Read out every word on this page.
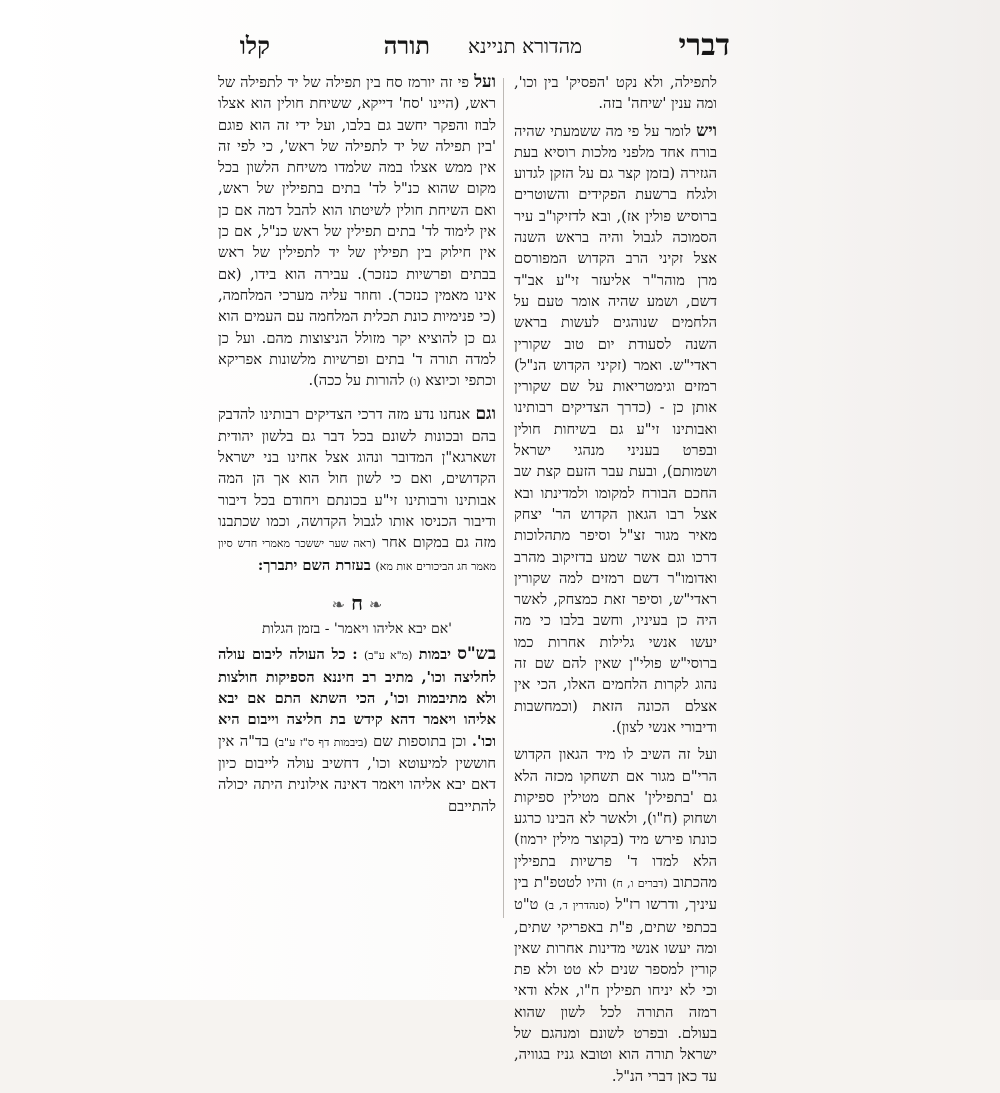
דברי
מהדורא תניינא
תורה
קלו

לתפילה, ולא נקט 'הפסיק' בין וכו', ומה ענין 'שיחה' בזה.

ויש לומר על פי מה ששמעתי שהיה בורח אחד מלפני מלכות רוסיא בעת הגזירה (בזמן קצר גם על הזקן לגדוע ולגלח ברשעת הפקידים והשוטרים ברוסיש פולין אז), ובא לדזיקו"ב עיר הסמוכה לגבול והיה בראש השנה אצל זקיני הרב הקדוש המפורסם מרן מוהר"ר אליעזר זי"ע אב"ד דשם, ושמע שהיה אומר טעם על הלחמים שנוהגים לעשות בראש השנה לסעודת יום טוב שקורין ראדי"ש. ואמר (זקיני הקדוש הנ"ל) רמזים וגימטריאות על שם שקורין אותן כן - (כדרך הצדיקים רבותינו ואבותינו זי"ע גם בשיחות חולין ובפרט בעניני מנהגי ישראל ושמותם), ובעת עבר הזעם קצת שב החכם הבורח למקומו ולמדינתו ובא אצל רבו הגאון הקדוש הר' יצחק מאיר מגור זצ"ל וסיפר מתהלוכות דרכו וגם אשר שמע בדזיקוב מהרב ואדומו"ר דשם רמזים למה שקורין ראדי"ש, וסיפר זאת כמצחק, לאשר היה כן בעיניו, וחשב בלבו כי מה יעשו אנשי גלילות אחרות כמו ברוסי"ש פולי"ן שאין להם שם זה נהוג לקרות הלחמים האלו, הכי אין אצלם הכונה הזאת (וכמחשבות ודיבורי אנשי לצון).

ועל זה השיב לו מיד הגאון הקדוש הרי"ם מגור אם תשחקו מכזה הלא גם 'בתפילין' אתם מטילין ספיקות ושחוק (ח"ו), ולאשר לא הבינו כרגע כונתו פירש מיד (בקוצר מילין ירמוז) הלא למדו ד' פרשיות בתפילין מהכתוב (דברים ו, ח) והיו לטטפ"ת בין עיניך, ודרשו רז"ל (סנהדרין ד, ב) ט"ט בכתפי שתים, פ"ת באפריקי שתים, ומה יעשו אנשי מדינות אחרות שאין קורין למספר שנים לא טט ולא פת וכי לא יניחו תפילין ח"ו, אלא ודאי רמזה התורה לכל לשון שהוא בעולם. ובפרט לשונם ומנהגם של ישראל תורה הוא וטובא גניז בגוויה, עד כאן דברי הנ"ל.

ועל פי זה יורמז סח בין תפילה של יד לתפילה של ראש, (היינו 'סח' דייקא, ששיחת חולין הוא אצלו לבוז והפקר יחשב גם בלבו, ועל ידי זה הוא פוגם 'בין תפילה של יד לתפילה של ראש', כי לפי זה אין ממש אצלו במה שלמדו משיחת הלשון בכל מקום שהוא כנ"ל לד' בתים בתפילין של ראש, ואם השיחת חולין לשיטתו הוא להבל דמה אם כן אין לימוד לד' בתים תפילין של ראש כנ"ל, אם כן אין חילוק בין תפילין של יד לתפילין של ראש בבתים ופרשיות כנזכר). עבירה הוא בידו, (אם אינו מאמין כנזכר). וחוזר עליה מערכי המלחמה, (כי פנימיות כונת תכלית המלחמה עם העמים הוא גם כן להוציא יקר מזולל הניצוצות מהם. ועל כן למדה תורה ד' בתים ופרשיות מלשונות אפריקא וכתפי וכיוצא (ו) להורות על ככה).

וגם אנחנו נדע מזה דרכי הצדיקים רבותינו להדבק בהם ובכונות לשונם בכל דבר גם בלשון יהודית זשארגא"ן המדובר ונהוג אצל אחינו בני ישראל הקדושים, ואם כי לשון חול הוא אך הן המה אבותינו ורבותינו זי"ע בכונתם ויחודם בכל דיבור ודיבור הכניסו אותו לגבול הקדושה, וכמו שכתבנו מזה גם במקום אחר (ראה שער יששכר מאמרי חדש סיון מאמר חג הביכורים אות מא) בעזרת השם יתברך:

❧ח❧
'אם יבא אליהו ויאמר' - בזמן הגלות

בש"ס יבמות (מ"א ע"ב) : כל העולה ליבום עולה לחליצה וכו', מתיב רב חיננא הספיקות חולצות ולא מתיבמות וכו', הכי השתא התם אם יבא אליהו ויאמר דהא קידש בת חליצה וייבום היא וכו'. וכן בתוספות שם (ביבמות דף ס"ז ע"ב) בד"ה אין חוששין למיעוטא וכו', דחשיב עולה לייבום כיון דאם יבא אליהו ויאמר דאינה אילונית היתה יכולה להתייבם
